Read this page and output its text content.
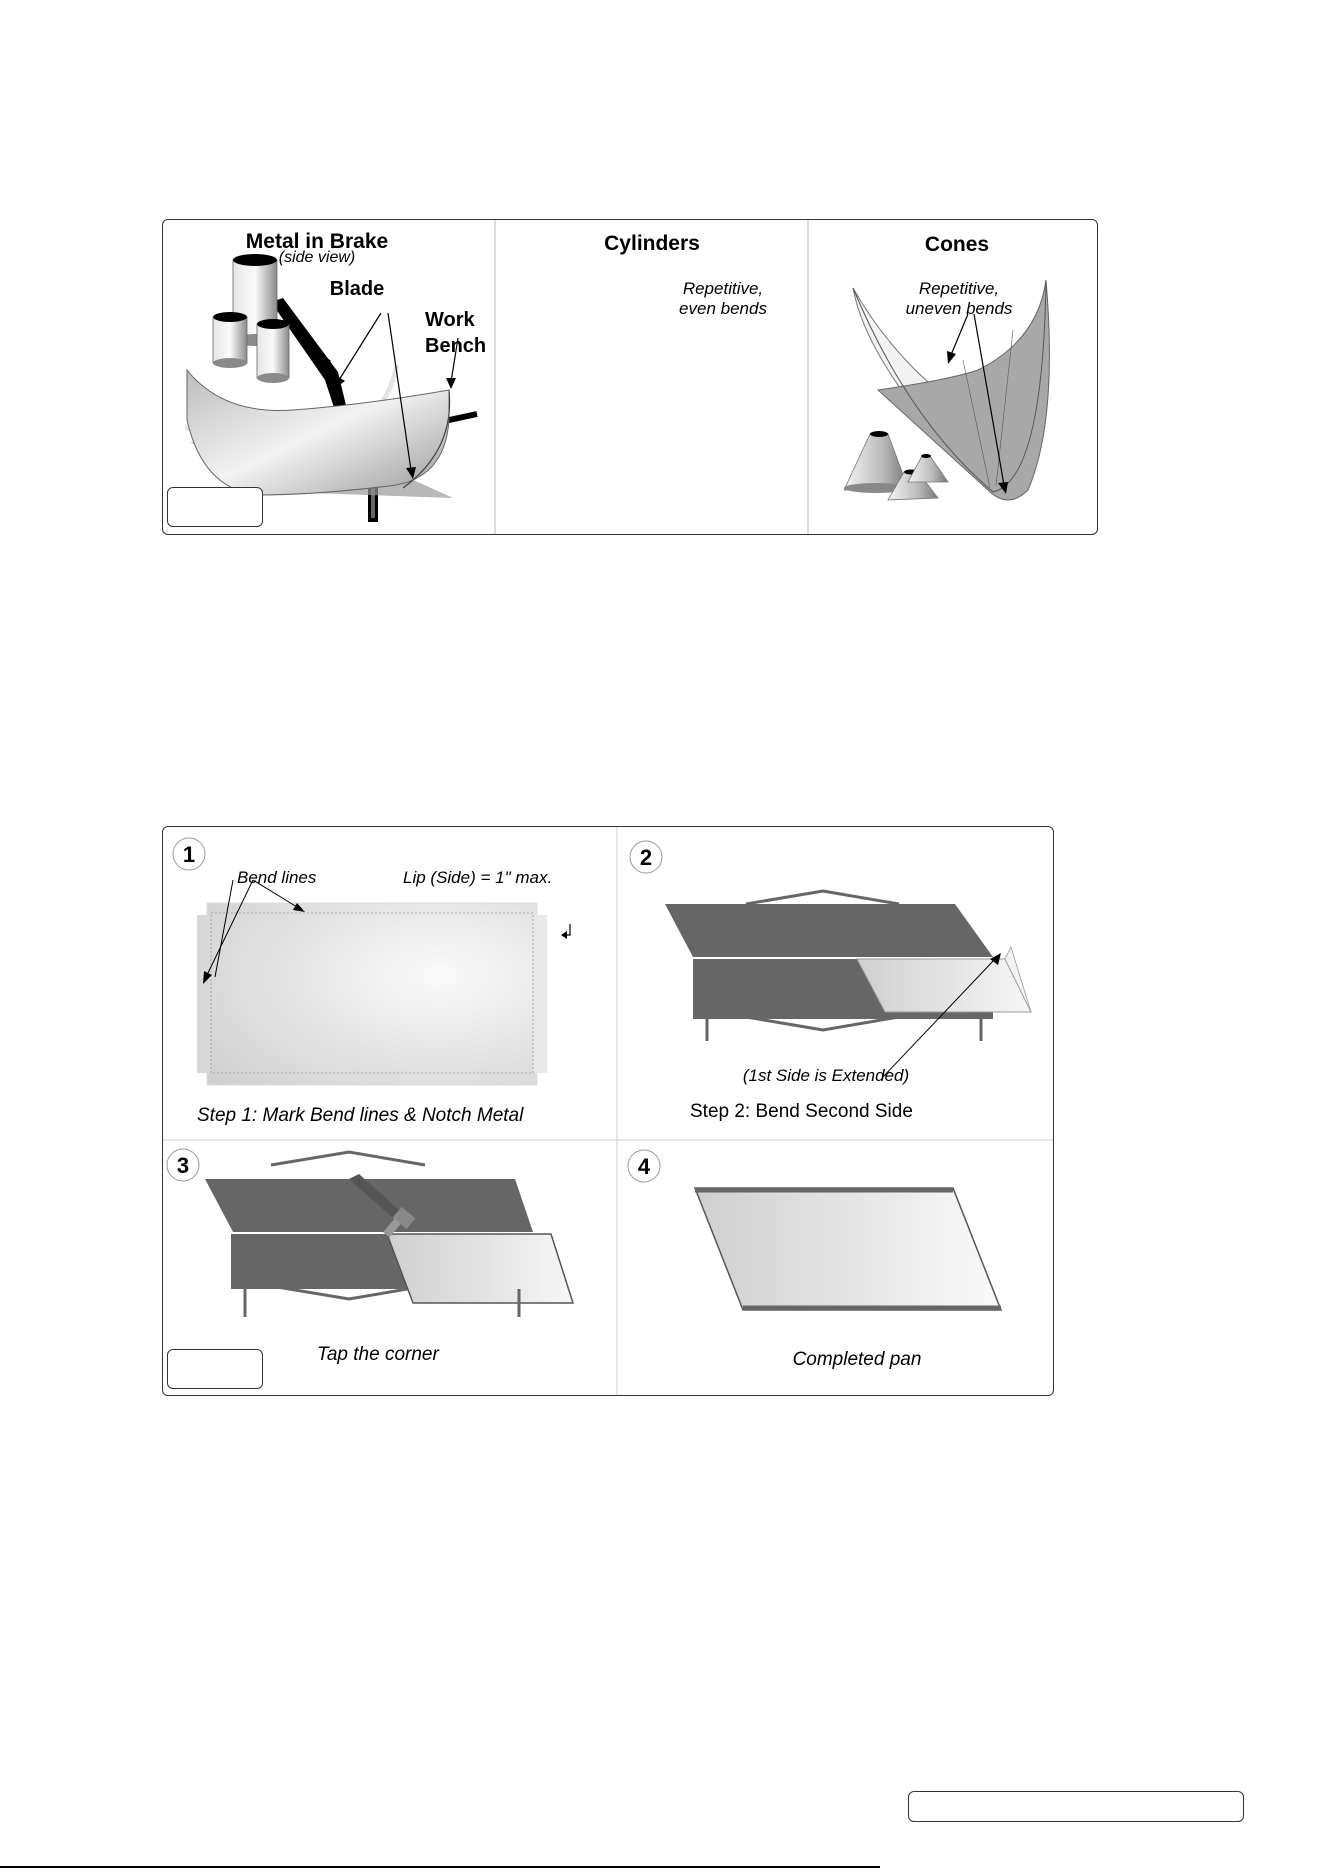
Metal in Brake
(side view)
Blade
Work
Bench
Cylinders
Repetitive,
even bends
Cones
Repetitive,
uneven bends
1
Bend lines	Lip (Side) = 1" max.
Step 1: Mark Bend lines & Notch Metal
2
(1st Side is Extended)
Step 2: Bend Second Side
3
Tap the corner
4
Completed pan
